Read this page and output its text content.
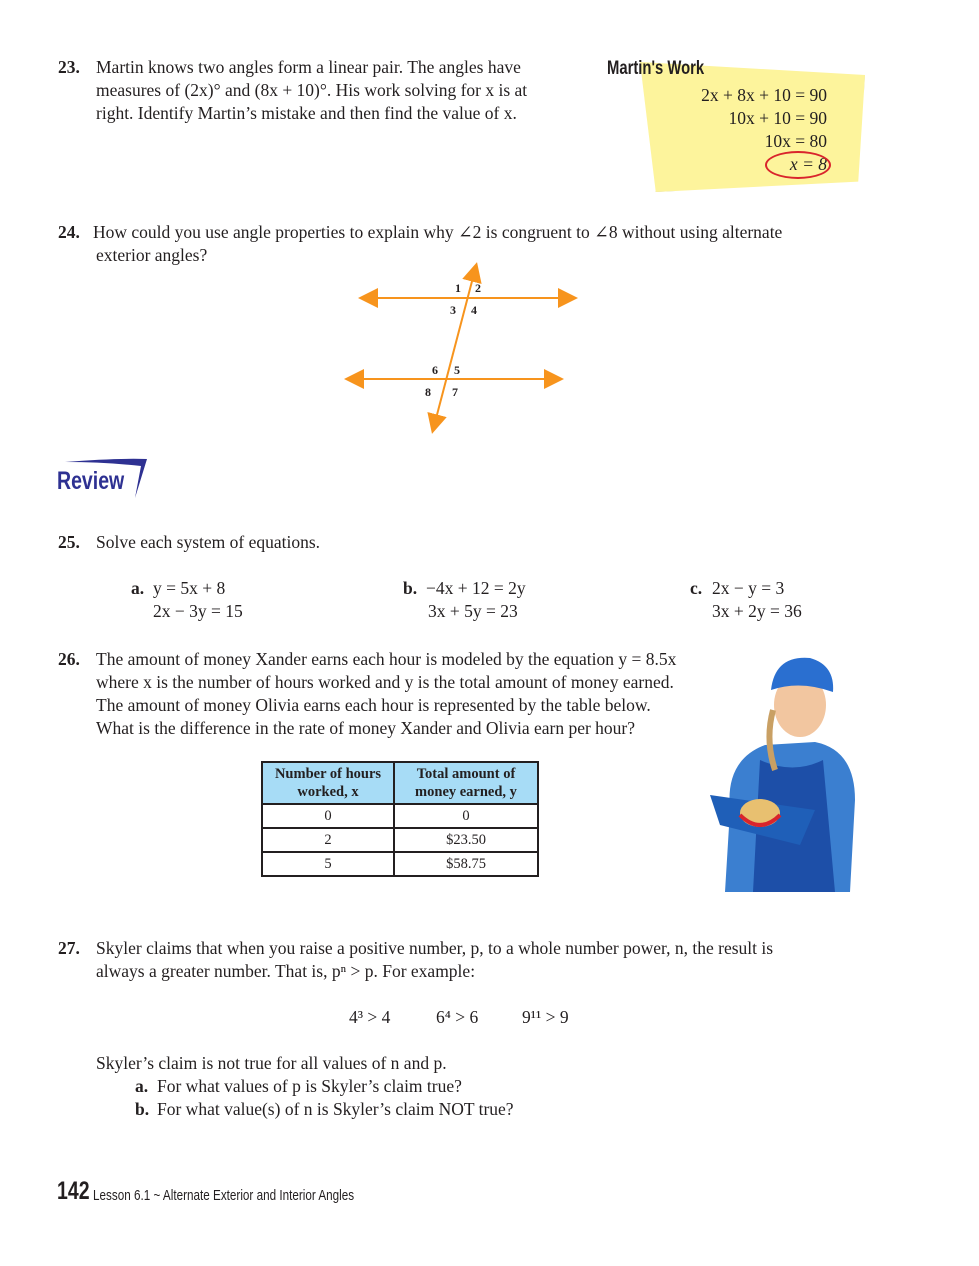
23. Martin knows two angles form a linear pair. The angles have
measures of (2x)° and (8x + 10)°. His work solving for x is at
right. Identify Martin’s mistake and then find the value of x.
Martin's Work
2x + 8x + 10 = 90
10x + 10 = 90
10x = 80
x = 8
24. How could you use angle properties to explain why ∠2 is congruent to ∠8 without using alternate
exterior angles?
1 2
3 4
5
6
7
8
Review
25. Solve each system of equations.
a. y = 5x + 8
2x − 3y = 15
b. −4x + 12 = 2y
3x + 5y = 23
c. 2x − y = 3
3x + 2y = 36
26. The amount of money Xander earns each hour is modeled by the equation y = 8.5x
where x is the number of hours worked and y is the total amount of money earned.
The amount of money Olivia earns each hour is represented by the table below.
What is the difference in the rate of money Xander and Olivia earn per hour?
Number of hours
worked, x	Total amount of
money earned, y
0	0
2	$23.50
5	$58.75
27. Skyler claims that when you raise a positive number, p, to a whole number power, n, the result is
always a greater number. That is, pⁿ > p. For example:
4³ > 4	6⁴ > 6	9¹¹ > 9
Skyler’s claim is not true for all values of n and p.
a. For what values of p is Skyler’s claim true?
b. For what value(s) of n is Skyler’s claim NOT true?
142 Lesson 6.1 ~ Alternate Exterior and Interior Angles
